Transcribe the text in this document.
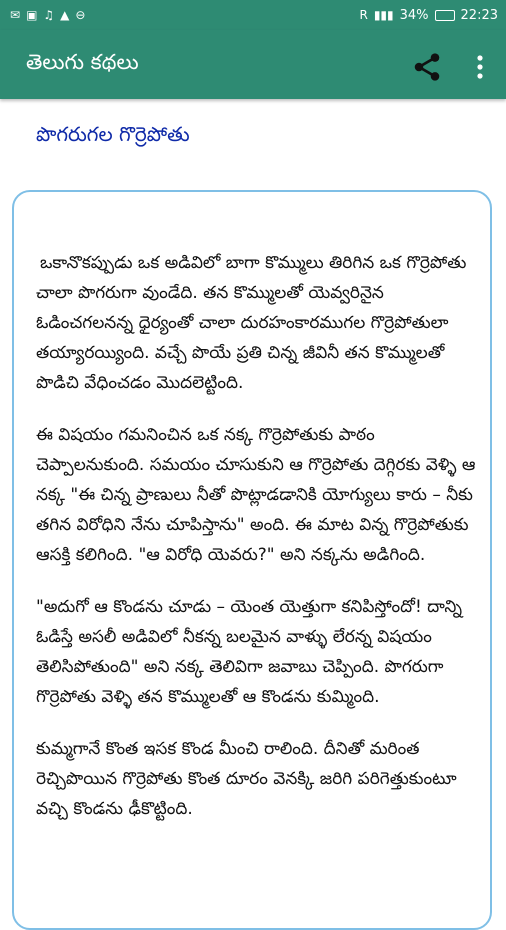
✉ ▣ ♫ ▲ ⊖	R ▮▮▮ 34% 22:23
తెలుగు కథలు
పొగరుగల గొర్రెపోతు

ఒకానొకప్పుడు ఒక అడివిలో బాగా కొమ్ములు తిరిగిన ఒక గొర్రెపోతు చాలా పొగరుగా వుండేది. తన కొమ్ములతో యెవ్వరినైన ఓడించగలనన్న ధైర్యంతో చాలా దురహంకారముగల గొర్రెపోతులా తయ్యారయ్యింది. వచ్చే పొయే ప్రతి చిన్న జీవినీ తన కొమ్ములతో పొడిచి వేధించడం మొదలెట్టింది.

ఈ విషయం గమనించిన ఒక నక్క గొర్రెపోతుకు పాఠం చెప్పాలనుకుంది. సమయం చూసుకుని ఆ గొర్రెపోతు దెగ్గిరకు వెళ్ళి ఆ నక్క "ఈ చిన్న ప్రాణులు నీతో పొట్లాడడానికి యోగ్యులు కారు – నీకు తగిన విరోధిని నేను చూపిస్తాను" అంది. ఈ మాట విన్న గొర్రెపోతుకు ఆసక్తి కలిగింది. "ఆ విరోధి యెవరు?" అని నక్కను అడిగింది.

"అదుగో ఆ కొండను చూడు – యెంత యెత్తుగా కనిపిస్తోందో! దాన్ని ఓడిస్తే అసలీ అడివిలో నీకన్న బలమైన వాళ్ళు లేరన్న విషయం తెలిసిపోతుంది" అని నక్క తెలివిగా జవాబు చెప్పింది. పొగరుగా గొర్రెపోతు వెళ్ళి తన కొమ్ములతో ఆ కొండను కుమ్మింది.

కుమ్మగానే కొంత ఇసక కొండ మీంచి రాలింది. దీనితో మరింత రెచ్చిపొయిన గొర్రెపోతు కొంత దూరం వెనక్కి జరిగి పరిగెత్తుకుంటూ వచ్చి కొండను ఢీకొట్టింది.
